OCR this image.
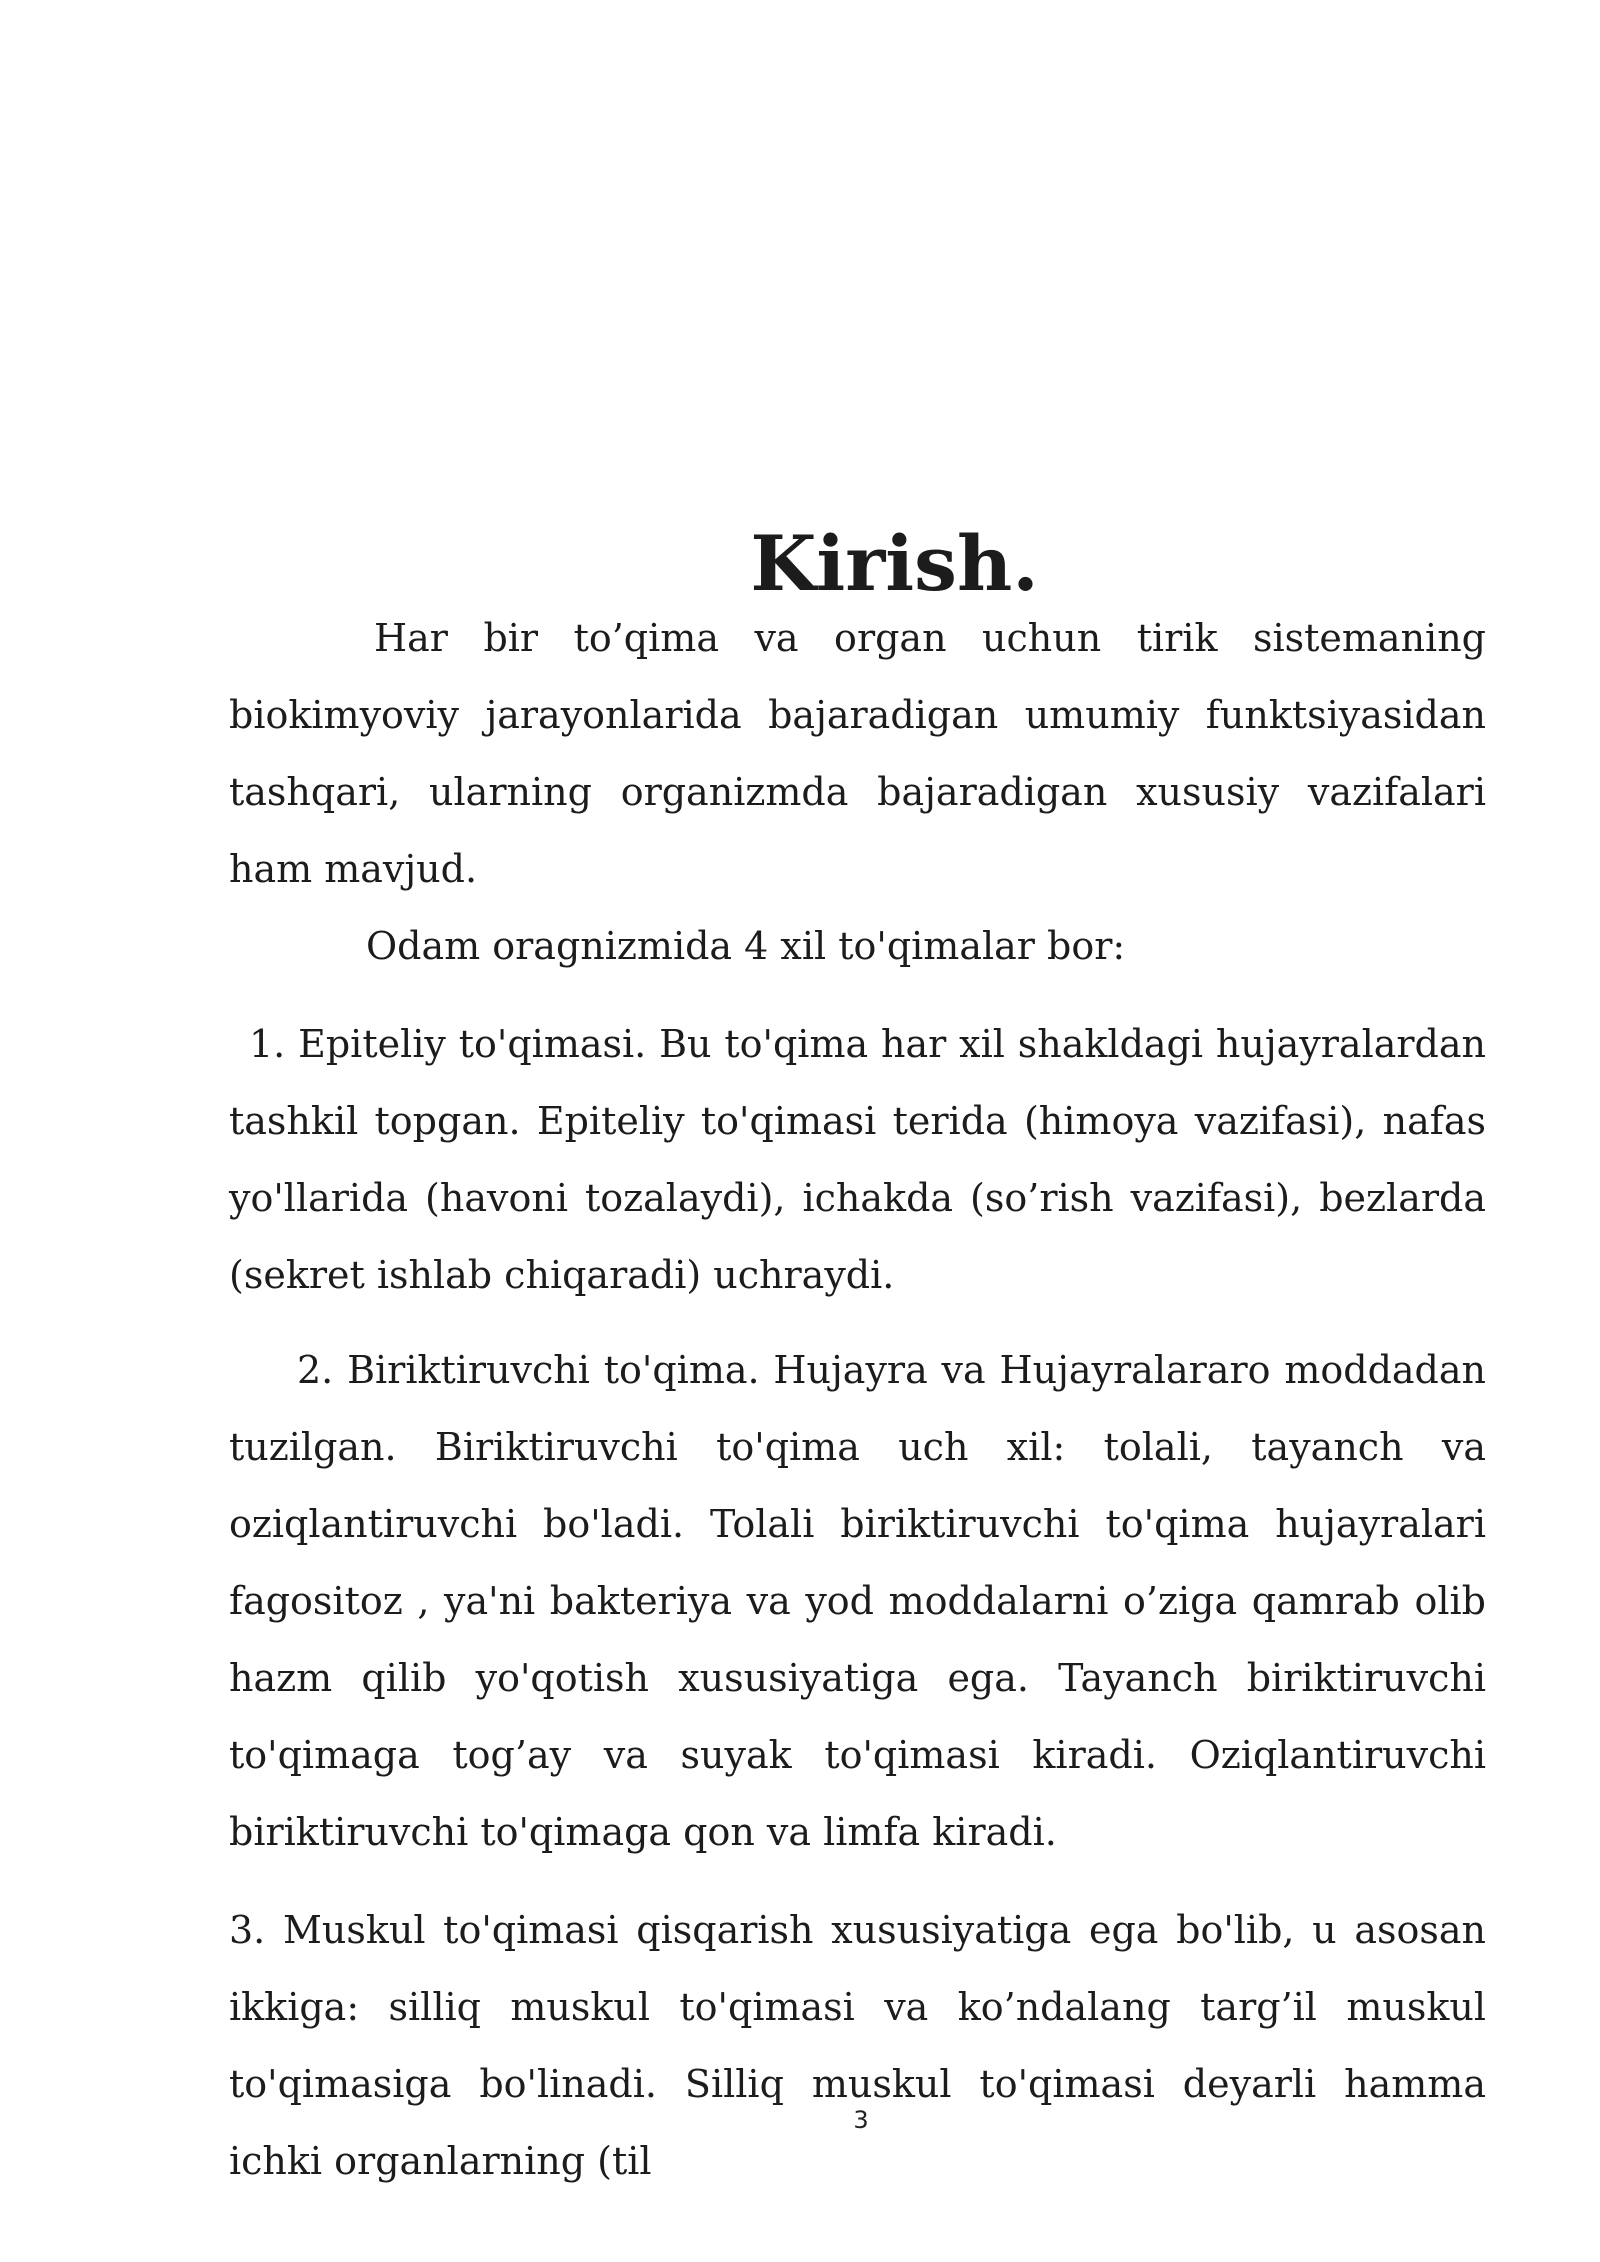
Kirish.

Har bir to’qima va organ uchun tirik sistemaning biokimyoviy jarayonlarida bajaradigan umumiy funktsiyasidan tashqari, ularning organizmda bajaradigan xususiy vazifalari ham mavjud.

Odam oragnizmida 4 xil to'qimalar bor:

1. Epiteliy to'qimasi. Bu to'qima har xil shakldagi hujayralardan tashkil topgan. Epiteliy to'qimasi terida (himoya vazifasi), nafas yo'llarida (havoni tozalaydi), ichakda (so’rish vazifasi), bezlarda (sekret ishlab chiqaradi) uchraydi.

2. Biriktiruvchi to'qima. Hujayra va Hujayralararo moddadan tuzilgan. Biriktiruvchi to'qima uch xil: tolali, tayanch va oziqlantiruvchi bo'ladi. Tolali biriktiruvchi to'qima hujayralari fagositoz , ya'ni bakteriya va yod moddalarni o’ziga qamrab olib hazm qilib yo'qotish xususiyatiga ega. Tayanch biriktiruvchi to'qimaga tog’ay va suyak to'qimasi kiradi. Oziqlantiruvchi biriktiruvchi to'qimaga qon va limfa kiradi.

3. Muskul to'qimasi qisqarish xususiyatiga ega bo'lib, u asosan ikkiga: silliq muskul to'qimasi va ko’ndalang targ’il muskul to'qimasiga bo'linadi. Silliq muskul to'qimasi deyarli hamma ichki organlarning (til

3
